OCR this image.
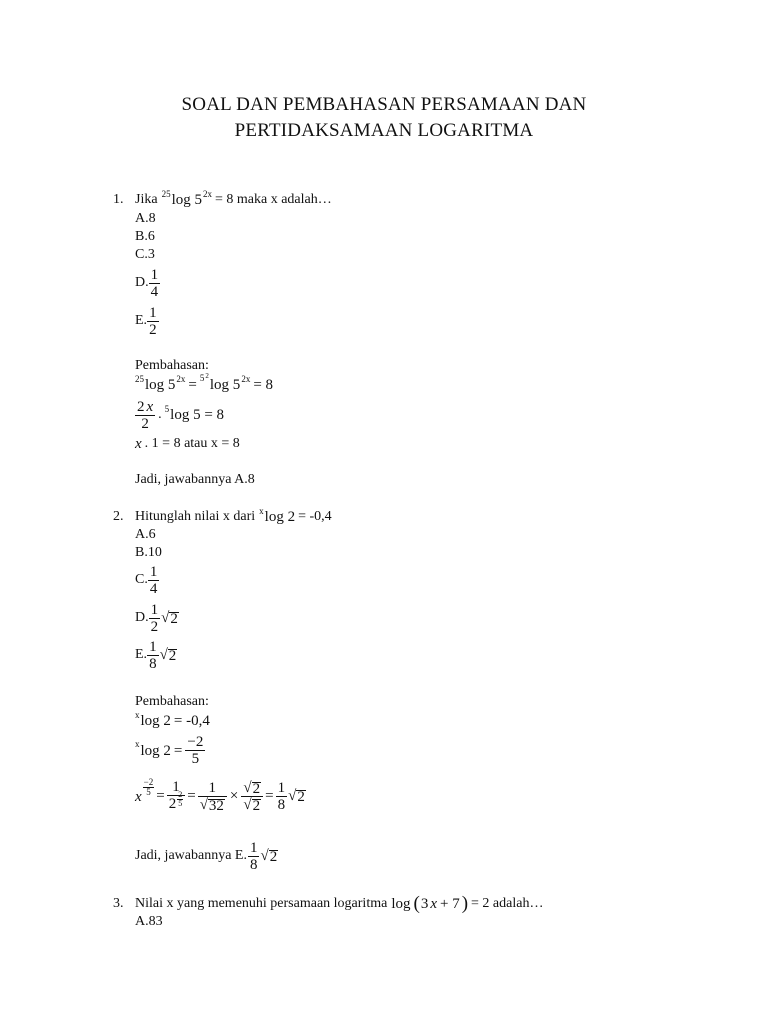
SOAL DAN PEMBAHASAN PERSAMAAN DAN
PERTIDAKSAMAAN LOGARITMA
1. Jika 25 log 5 2x = 8 maka x adalah…
A.8
B.6
C.3
D. $\frac{1}{4}$
E. $\frac{1}{2}$
Pembahasan:
25 log 5 $2x = 5^2$
log 5 2x = 8
$\frac{2 x}{2}$ . 5 log 5 = 8
x . 1 = 8 atau x = 8
Jadi, jawabannya A.8
2. Hitunglah nilai x dari x log 2 = -0,4
A.6
B.10
C. $\frac{1}{4}$
D. $\frac{1}{2}$ √ 2
E. $\frac{1}{8}$ √ 2
Pembahasan:
x log 2 = -0,4
x $\log 2 = \frac{-2}{5}$
x $\frac{-2}{5} = \frac{1}{2 \frac{2}{5}} = \frac{1}{√ 32} \times \frac{√ 2}{√ 2} = \frac{1}{8}$ √ 2
Jadi, jawabannya E. $\frac{1}{8}$ √ 2
3. Nilai x yang memenuhi persamaan logaritma log ( 3 x + 7 ) = 2 adalah…
A.83
